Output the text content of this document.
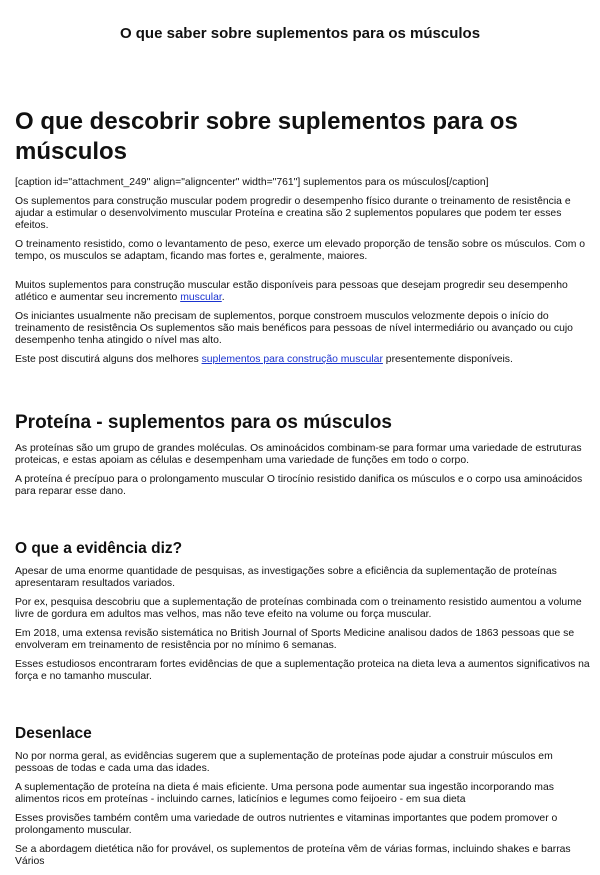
O que saber sobre suplementos para os músculos
O que descobrir sobre suplementos para os músculos

[caption id="attachment_249" align="aligncenter" width="761"] suplementos para os músculos[/caption]

Os suplementos para construção muscular podem progredir o desempenho físico durante o treinamento de resistência e ajudar a estimular o desenvolvimento muscular Proteína e creatina são 2 suplementos populares que podem ter esses efeitos.

O treinamento resistido, como o levantamento de peso, exerce um elevado proporção de tensão sobre os músculos. Com o tempo, os musculos se adaptam, ficando mas fortes e, geralmente, maiores.

Muitos suplementos para construção muscular estão disponíveis para pessoas que desejam progredir seu desempenho atlético e aumentar seu incremento muscular.

Os iniciantes usualmente não precisam de suplementos, porque constroem musculos velozmente depois o início do treinamento de resistência Os suplementos são mais benéficos para pessoas de nível intermediário ou avançado ou cujo desempenho tenha atingido o nível mas alto.

Este post discutirá alguns dos melhores suplementos para construção muscular presentemente disponíveis.

Proteína - suplementos para os músculos

As proteínas são um grupo de grandes moléculas. Os aminoácidos combinam-se para formar uma variedade de estruturas proteicas, e estas apoiam as células e desempenham uma variedade de funções em todo o corpo.

A proteína é precípuo para o prolongamento muscular O tirocínio resistido danifica os músculos e o corpo usa aminoácidos para reparar esse dano.

O que a evidência diz?

Apesar de uma enorme quantidade de pesquisas, as investigações sobre a eficiência da suplementação de proteínas apresentaram resultados variados.

Por ex, pesquisa descobriu que a suplementação de proteínas combinada com o treinamento resistido aumentou a volume livre de gordura em adultos mas velhos, mas não teve efeito na volume ou força muscular.

Em 2018, uma extensa revisão sistemática no British Journal of Sports Medicine analisou dados de 1863 pessoas que se envolveram em treinamento de resistência por no mínimo 6 semanas.

Esses estudiosos encontraram fortes evidências de que a suplementação proteica na dieta leva a aumentos significativos na força e no tamanho muscular.

Desenlace

No por norma geral, as evidências sugerem que a suplementação de proteínas pode ajudar a construir músculos em pessoas de todas e cada uma das idades.

A suplementação de proteína na dieta é mais eficiente. Uma persona pode aumentar sua ingestão incorporando mas alimentos ricos em proteínas - incluindo carnes, laticínios e legumes como feijoeiro - em sua dieta

Esses provisões também contêm uma variedade de outros nutrientes e vitaminas importantes que podem promover o prolongamento muscular.

Se a abordagem dietética não for provável, os suplementos de proteína vêm de várias formas, incluindo shakes e barras Vários
